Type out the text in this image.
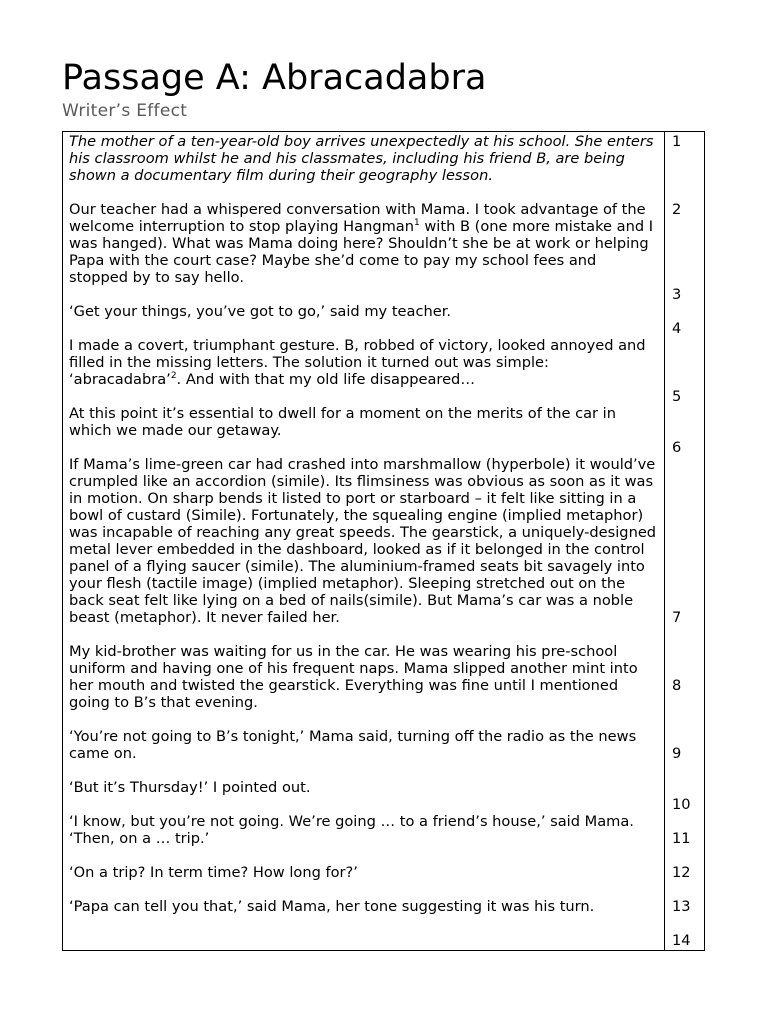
Passage A: Abracadabra
Writer’s Effect

The mother of a ten-year-old boy arrives unexpectedly at his school. She enters his classroom whilst he and his classmates, including his friend B, are being shown a documentary film during their geography lesson.

Our teacher had a whispered conversation with Mama. I took advantage of the welcome interruption to stop playing Hangman$^1$ with B (one more mistake and I was hanged). What was Mama doing here? Shouldn’t she be at work or helping Papa with the court case? Maybe she’d come to pay my school fees and stopped by to say hello.

‘Get your things, you’ve got to go,’ said my teacher.

I made a covert, triumphant gesture. B, robbed of victory, looked annoyed and filled in the missing letters. The solution it turned out was simple: ‘abracadabra’$^2$. And with that my old life disappeared…

At this point it’s essential to dwell for a moment on the merits of the car in which we made our getaway.

If Mama’s lime-green car had crashed into marshmallow (hyperbole) it would’ve crumpled like an accordion (simile). Its flimsiness was obvious as soon as it was in motion. On sharp bends it listed to port or starboard – it felt like sitting in a bowl of custard (Simile). Fortunately, the squealing engine (implied metaphor) was incapable of reaching any great speeds. The gearstick, a uniquely-designed metal lever embedded in the dashboard, looked as if it belonged in the control panel of a flying saucer (simile). The aluminium-framed seats bit savagely into your flesh (tactile image) (implied metaphor). Sleeping stretched out on the back seat felt like lying on a bed of nails(simile). But Mama’s car was a noble beast (metaphor). It never failed her.

My kid-brother was waiting for us in the car. He was wearing his pre-school uniform and having one of his frequent naps. Mama slipped another mint into her mouth and twisted the gearstick. Everything was fine until I mentioned going to B’s that evening.

‘You’re not going to B’s tonight,’ Mama said, turning off the radio as the news came on.

‘But it’s Thursday!’ I pointed out.

‘I know, but you’re not going. We’re going … to a friend’s house,’ said Mama. ‘Then, on a … trip.’

‘On a trip? In term time? How long for?’

‘Papa can tell you that,’ said Mama, her tone suggesting it was his turn.

1
2
3
4
5
6
7
8
9
10
11
12
13
14
